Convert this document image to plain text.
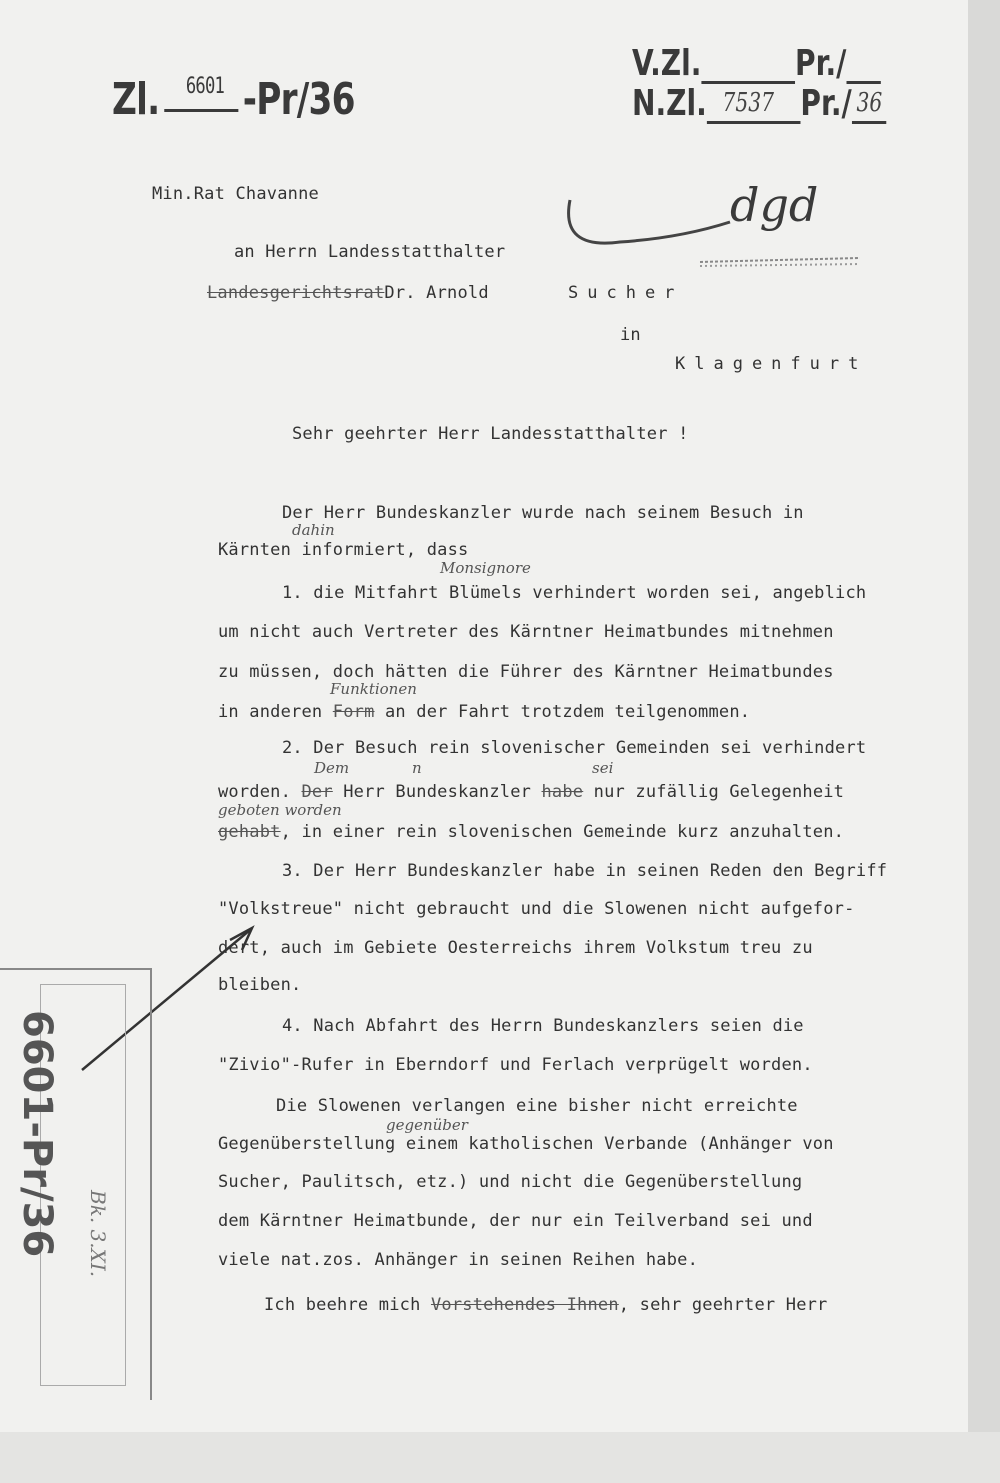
Zl. 6601 -Pr/36
V.Zl.	Pr./
N.Zl. 7537 Pr./ 36
dgd
Min.Rat Chavanne
an Herrn Landesstatthalter
LandesgerichtsratDr. Arnold	Sucher
in
Klagenfurt
Sehr geehrter Herr Landesstatthalter !
Der Herr Bundeskanzler wurde nach seinem Besuch in
dahin
Kärnten informiert, dass
Monsignore
1. die Mitfahrt Blümels verhindert worden sei, angeblich
um nicht auch Vertreter des Kärntner Heimatbundes mitnehmen
zu müssen, doch hätten die Führer des Kärntner Heimatbundes
Funktionen
in anderen Form an der Fahrt trotzdem teilgenommen.
2. Der Besuch rein slovenischer Gemeinden sei verhindert
Dem	n	sei
worden. Der Herr Bundeskanzler habe nur zufällig Gelegenheit
geboten worden
gehabt, in einer rein slovenischen Gemeinde kurz anzuhalten.
3. Der Herr Bundeskanzler habe in seinen Reden den Begriff
"Volkstreue" nicht gebraucht und die Slowenen nicht aufgefor-
dert, auch im Gebiete Oesterreichs ihrem Volkstum treu zu
bleiben.
4. Nach Abfahrt des Herrn Bundeskanzlers seien die
"Zivio"-Rufer in Eberndorf und Ferlach verprügelt worden.
Die Slowenen verlangen eine bisher nicht erreichte
gegenüber
Gegenüberstellung einem katholischen Verbande (Anhänger von
Sucher, Paulitsch, etz.) und nicht die Gegenüberstellung
dem Kärntner Heimatbunde, der nur ein Teilverband sei und
viele nat.zos. Anhänger in seinen Reihen habe.
Ich beehre mich Vorstehendes Ihnen, sehr geehrter Herr
6601-Pr/36 Bk. 3.XI.
